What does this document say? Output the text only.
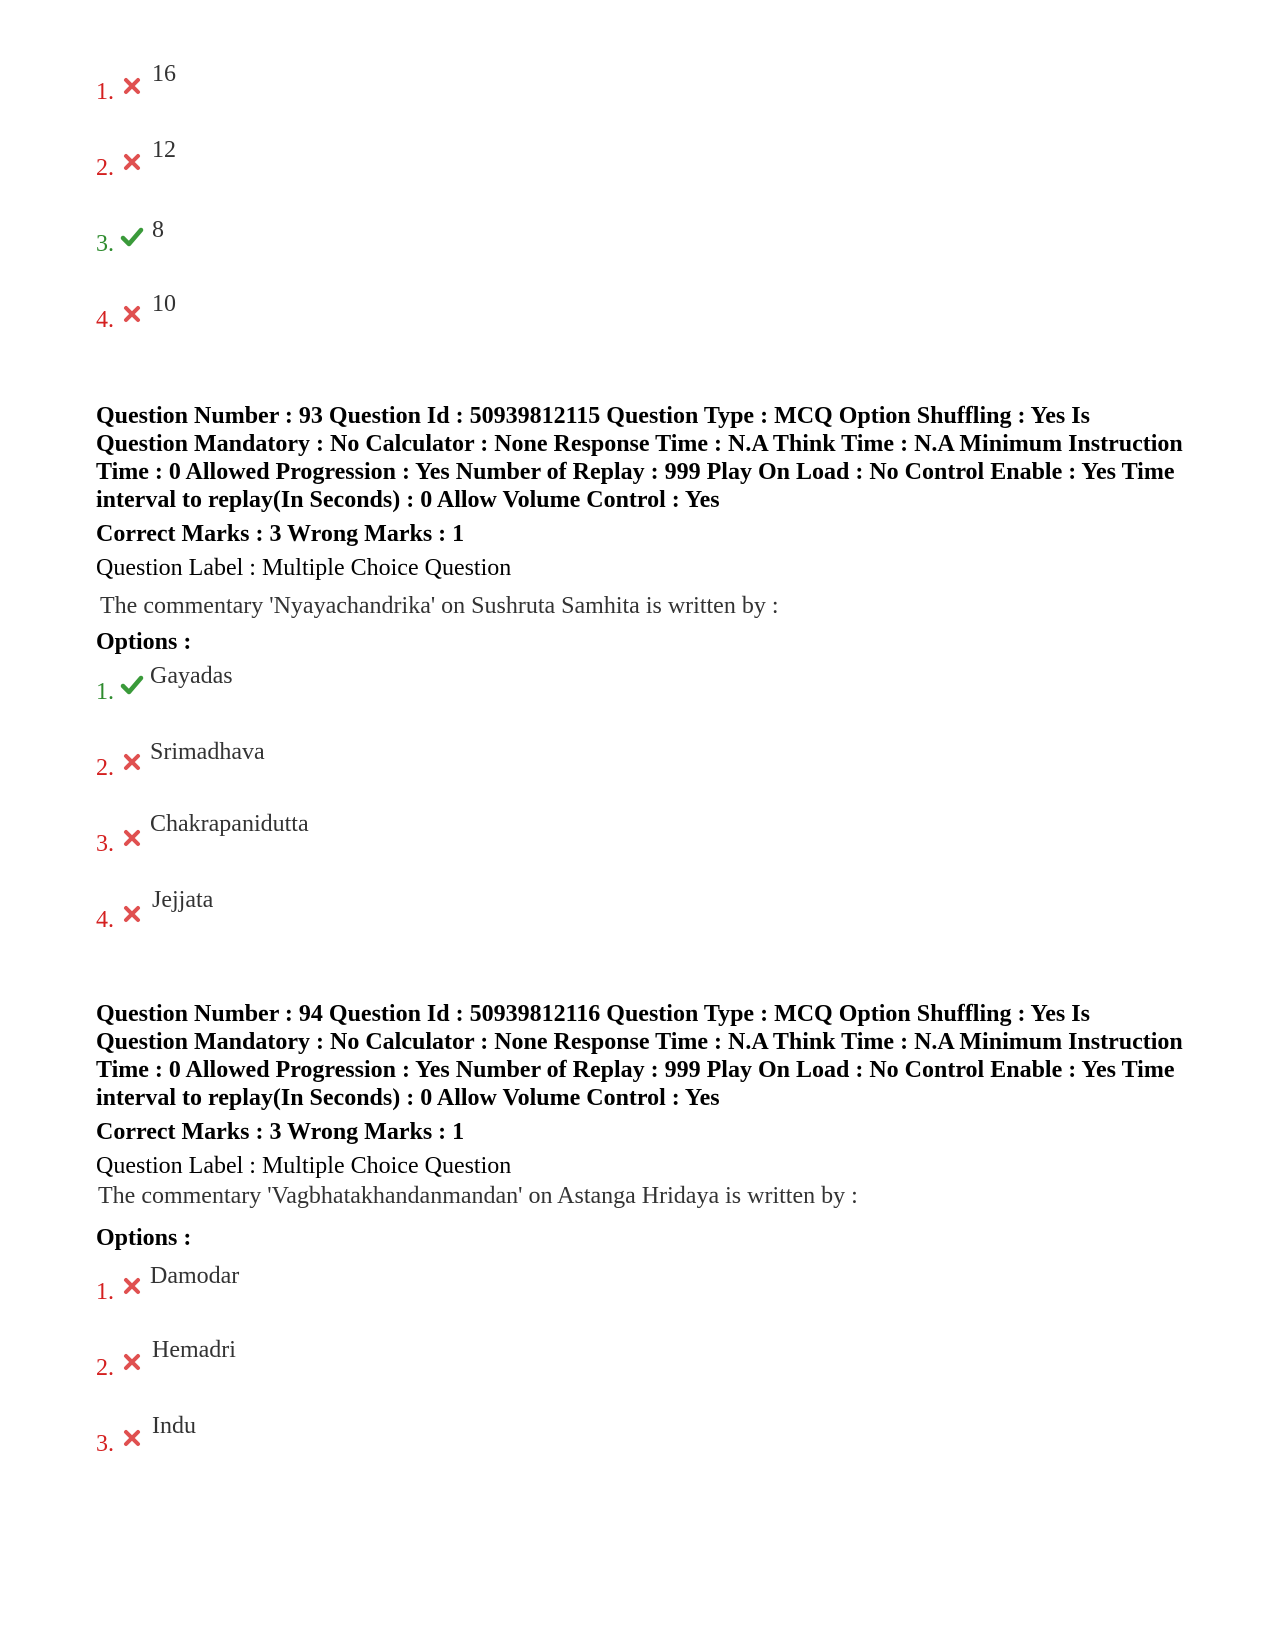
1.
16
2.
12
3.
8
4.
10

Question Number : 93 Question Id : 50939812115 Question Type : MCQ Option Shuffling : Yes Is Question Mandatory : No Calculator : None Response Time : N.A Think Time : N.A Minimum Instruction Time : 0 Allowed Progression : Yes Number of Replay : 999 Play On Load : No Control Enable : Yes Time interval to replay(In Seconds) : 0 Allow Volume Control : Yes

Correct Marks : 3 Wrong Marks : 1

Question Label : Multiple Choice Question

The commentary 'Nyayachandrika' on Sushruta Samhita is written by :

Options :

1.
Gayadas
2.
Srimadhava
3.
Chakrapanidutta
4.
Jejjata

Question Number : 94 Question Id : 50939812116 Question Type : MCQ Option Shuffling : Yes Is Question Mandatory : No Calculator : None Response Time : N.A Think Time : N.A Minimum Instruction Time : 0 Allowed Progression : Yes Number of Replay : 999 Play On Load : No Control Enable : Yes Time interval to replay(In Seconds) : 0 Allow Volume Control : Yes

Correct Marks : 3 Wrong Marks : 1

Question Label : Multiple Choice Question

The commentary 'Vagbhatakhandanmandan' on Astanga Hridaya is written by :

Options :

1.
Damodar
2.
Hemadri
3.
Indu
